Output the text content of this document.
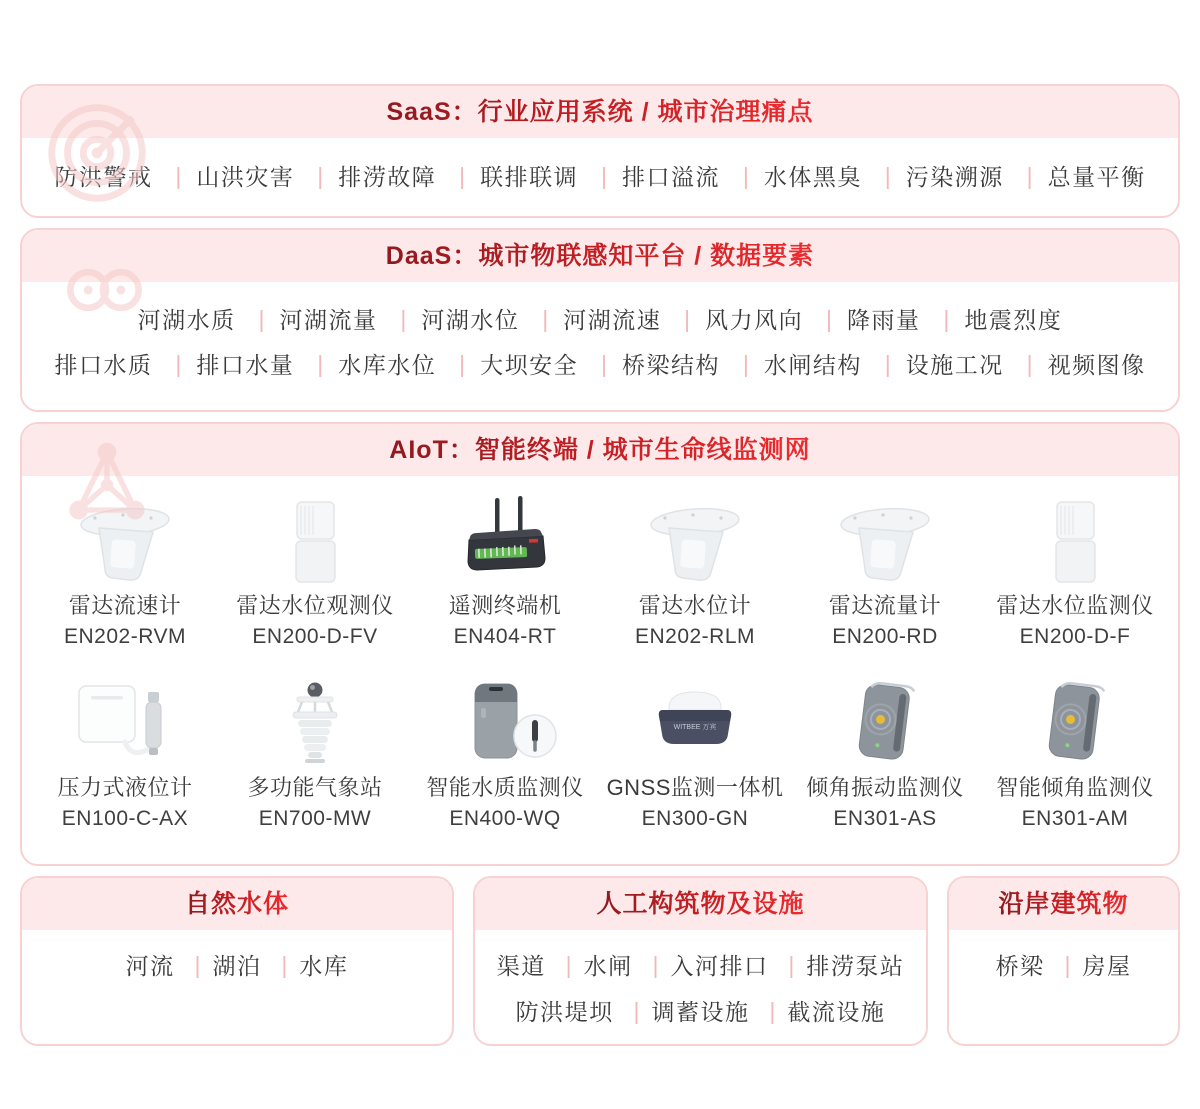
SaaS：行业应用系统 / 城市治理痛点
防洪警戒 | 山洪灾害 | 排涝故障 | 联排联调 | 排口溢流 | 水体黑臭 | 污染溯源 | 总量平衡
DaaS：城市物联感知平台 / 数据要素
河湖水质 | 河湖流量 | 河湖水位 | 河湖流速 | 风力风向 | 降雨量 | 地震烈度
排口水质 | 排口水量 | 水库水位 | 大坝安全 | 桥梁结构 | 水闸结构 | 设施工况 | 视频图像
AIoT：智能终端 / 城市生命线监测网
雷达流速计
EN202-RVM
雷达水位观测仪
EN200-D-FV
遥测终端机
EN404-RT
雷达水位计
EN202-RLM
雷达流量计
EN200-RD
雷达水位监测仪
EN200-D-F
压力式液位计
EN100-C-AX
多功能气象站
EN700-MW
智能水质监测仪
EN400-WQ
WITBEE 万宾
GNSS监测一体机
EN300-GN
倾角振动监测仪
EN301-AS
智能倾角监测仪
EN301-AM
自然水体
河流 | 湖泊 | 水库
人工构筑物及设施
渠道 | 水闸 | 入河排口 | 排涝泵站
防洪堤坝 | 调蓄设施 | 截流设施
沿岸建筑物
桥梁 | 房屋
